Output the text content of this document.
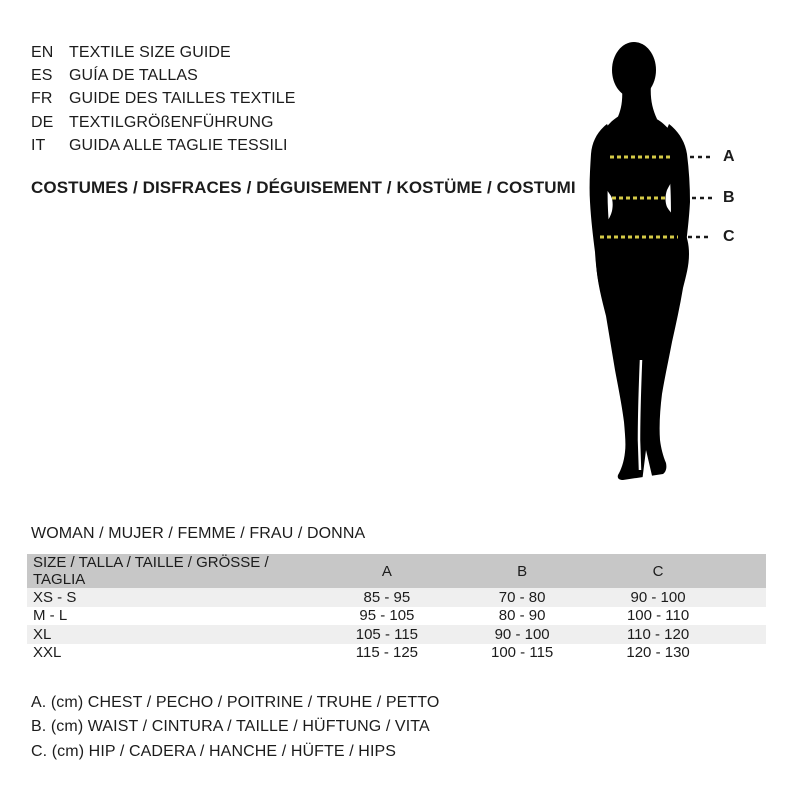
EN TEXTILE SIZE GUIDE
ES	GUÍA DE TALLAS
FR	GUIDE DES TAILLES TEXTILE
DE TEXTILGRÖßENFÜHRUNG
IT	GUIDA ALLE TAGLIE TESSILI
COSTUMES / DISFRACES / DÉGUISEMENT / KOSTÜME / COSTUMI
A
B
C
WOMAN / MUJER / FEMME / FRAU / DONNA
SIZE / TALLA / TAILLE / GRÖSSE / TAGLIA	A	B	C
XS - S	85 - 95	70 - 80	90 - 100
M - L	95 - 105	80 - 90	100 - 110
XL	105 - 115	90 - 100	110 - 120
XXL	115 - 125	100 - 115	120 - 130
A. (cm) CHEST / PECHO / POITRINE / TRUHE / PETTO
B. (cm) WAIST / CINTURA / TAILLE / HÜFTUNG / VITA
C. (cm) HIP / CADERA / HANCHE / HÜFTE / HIPS
